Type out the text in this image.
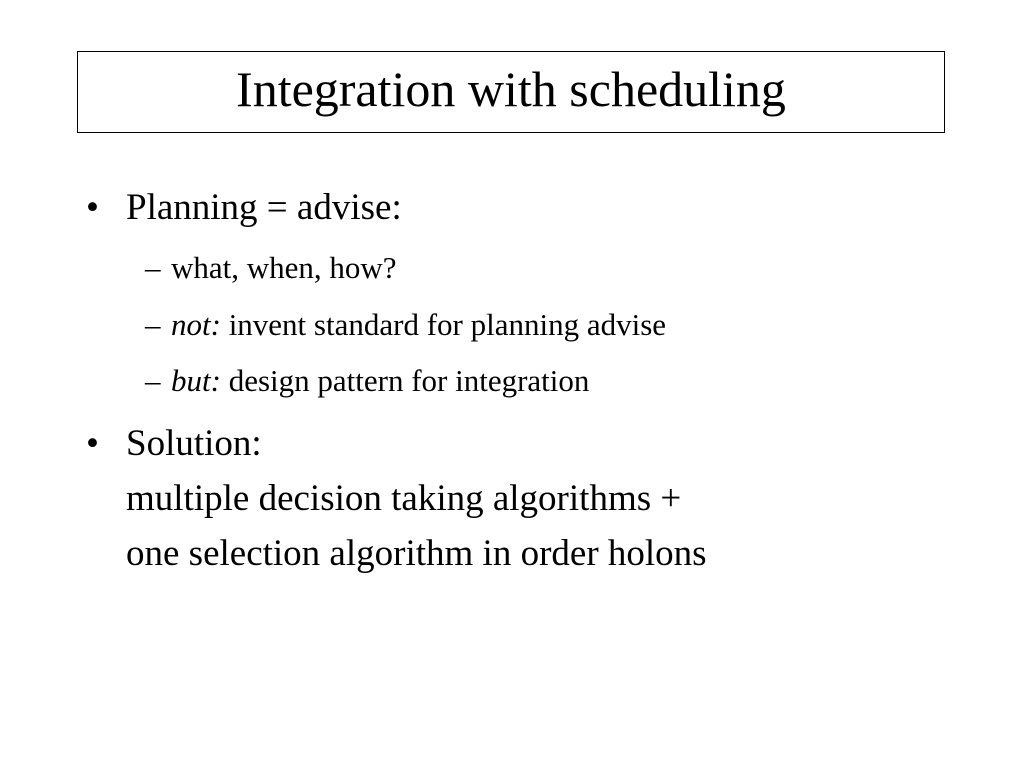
Integration with scheduling
• Planning = advise:
– what, when, how?
– not: invent standard for planning advise
– but: design pattern for integration
• Solution:
multiple decision taking algorithms +
one selection algorithm in order holons
